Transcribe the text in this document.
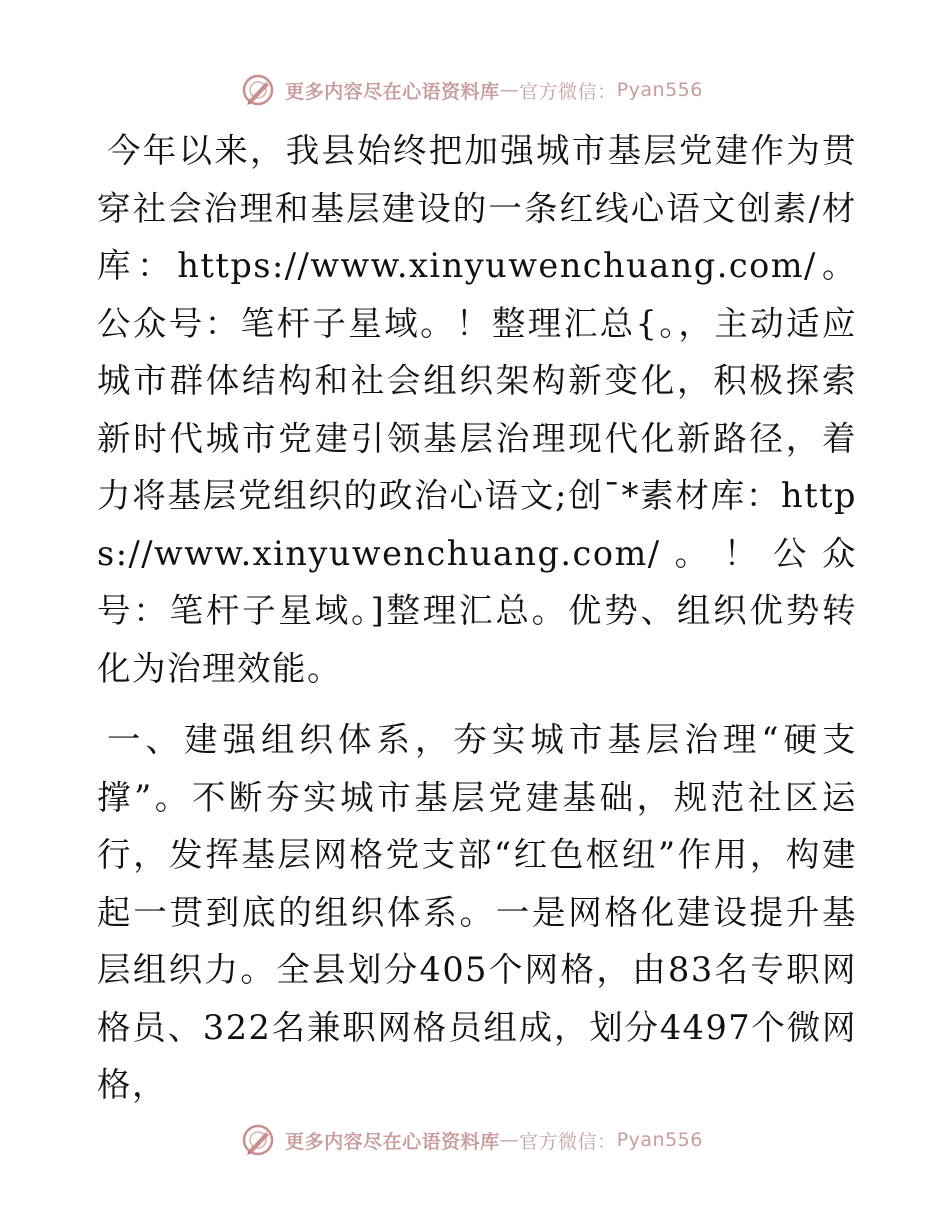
更多内容尽在心语资料库 — 官方微信： Pyan556

今年以来，我县始终把加强城市基层党建作为贯穿社会治理和基层建设的一条红线心语文创素/材库：https://www.xinyuwenchuang.com/。公众号：笔杆子星域。！整理汇总{。，主动适应城市群体结构和社会组织架构新变化，积极探索新时代城市党建引领基层治理现代化新路径，着力将基层党组织的政治心语文;创¯*素材库：https://www.xinyuwenchuang.com/。！公众号：笔杆子星域。]整理汇总。优势、组织优势转化为治理效能。

一、建强组织体系，夯实城市基层治理“硬支撑”。不断夯实城市基层党建基础，规范社区运行，发挥基层网格党支部“红色枢纽”作用，构建起一贯到底的组织体系。一是网格化建设提升基层组织力。全县划分405个网格，由83名专职网格员、322名兼职网格员组成，划分4497个微网格，

更多内容尽在心语资料库 — 官方微信： Pyan556
